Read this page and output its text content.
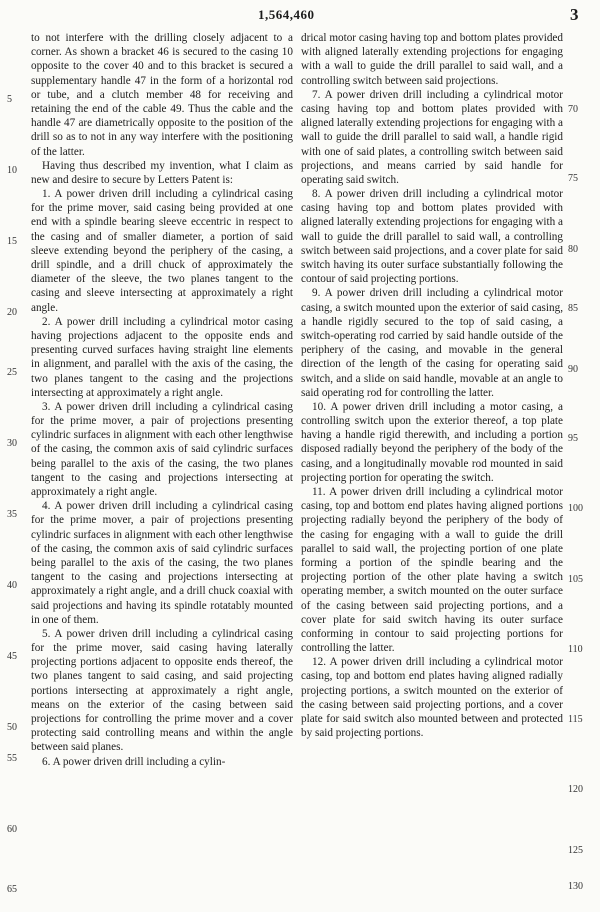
1,564,460	3

to not interfere with the drilling closely adjacent to a corner. As shown a bracket 46 is secured to the casing 10 opposite to the cover 40 and to this bracket is secured a supplementary handle 47 in the form of a horizontal rod or tube, and a clutch member 48 for receiving and retaining the end of the cable 49. Thus the cable and the handle 47 are diametrically opposite to the position of the drill so as to not in any way interfere with the positioning of the latter.

Having thus described my invention, what I claim as new and desire to secure by Letters Patent is:

1. A power driven drill including a cylindrical casing for the prime mover, said casing being provided at one end with a spindle bearing sleeve eccentric in respect to the casing and of smaller diameter, a portion of said sleeve extending beyond the periphery of the casing, a drill spindle, and a drill chuck of approximately the diameter of the sleeve, the two planes tangent to the casing and sleeve intersecting at approximately a right angle.

2. A power drill including a cylindrical motor casing having projections adjacent to the opposite ends and presenting curved surfaces having straight line elements in alignment, and parallel with the axis of the casing, the two planes tangent to the casing and the projections intersecting at approximately a right angle.

3. A power driven drill including a cylindrical casing for the prime mover, a pair of projections presenting cylindric surfaces in alignment with each other lengthwise of the casing, the common axis of said cylindric surfaces being parallel to the axis of the casing, the two planes tangent to the casing and projections intersecting at approximately a right angle.

4. A power driven drill including a cylindrical casing for the prime mover, a pair of projections presenting cylindric surfaces in alignment with each other lengthwise of the casing, the common axis of said cylindric surfaces being parallel to the axis of the casing, the two planes tangent to the casing and projections intersecting at approximately a right angle, and a drill chuck coaxial with said projections and having its spindle rotatably mounted in one of them.

5. A power driven drill including a cylindrical casing for the prime mover, said casing having laterally projecting portions adjacent to opposite ends thereof, the two planes tangent to said casing, and said projecting portions intersecting at approximately a right angle, means on the exterior of the casing between said projections for controlling the prime mover and a cover protecting said controlling means and within the angle between said planes.

6. A power driven drill including a cylin-

drical motor casing having top and bottom plates provided with aligned laterally extending projections for engaging with a wall to guide the drill parallel to said wall, and a controlling switch between said projections.

7. A power driven drill including a cylindrical motor casing having top and bottom plates provided with aligned laterally extending projections for engaging with a wall to guide the drill parallel to said wall, a handle rigid with one of said plates, a controlling switch between said projections, and means carried by said handle for operating said switch.

8. A power driven drill including a cylindrical motor casing having top and bottom plates provided with aligned laterally extending projections for engaging with a wall to guide the drill parallel to said wall, a controlling switch between said projections, and a cover plate for said switch having its outer surface substantially following the contour of said projecting portions.

9. A power driven drill including a cylindrical motor casing, a switch mounted upon the exterior of said casing, a handle rigidly secured to the top of said casing, a switch-operating rod carried by said handle outside of the periphery of the casing, and movable in the general direction of the length of the casing for operating said switch, and a slide on said handle, movable at an angle to said operating rod for controlling the latter.

10. A power driven drill including a motor casing, a controlling switch upon the exterior thereof, a top plate having a handle rigid therewith, and including a portion disposed radially beyond the periphery of the body of the casing, and a longitudinally movable rod mounted in said projecting portion for operating the switch.

11. A power driven drill including a cylindrical motor casing, top and bottom end plates having aligned portions projecting radially beyond the periphery of the body of the casing for engaging with a wall to guide the drill parallel to said wall, the projecting portion of one plate forming a portion of the spindle bearing and the projecting portion of the other plate having a switch operating member, a switch mounted on the outer surface of the casing between said projecting portions, and a cover plate for said switch having its outer surface conforming in contour to said projecting portions for controlling the latter.

12. A power driven drill including a cylindrical motor casing, top and bottom end plates having aligned radially projecting portions, a switch mounted on the exterior of the casing between said projecting portions, and a cover plate for said switch also mounted between and protected by said projecting portions.

5
10
15
20
25
30
35
40
45
50
55
60
65
70
75
80
85
90
95
100
105
110
115
120
125
130
